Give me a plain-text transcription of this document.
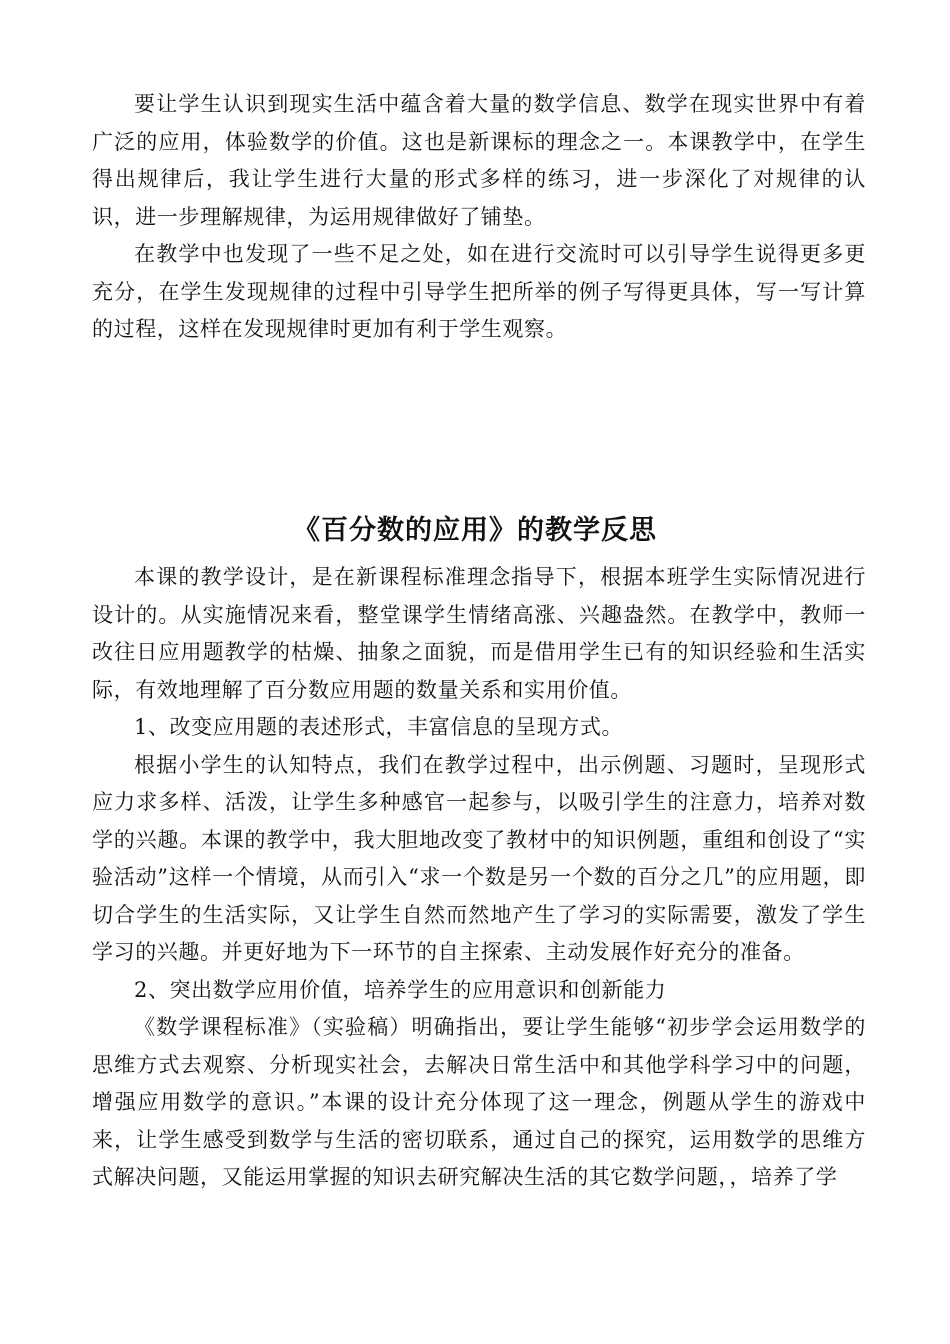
要让学生认识到现实生活中蕴含着大量的数学信息、数学在现实世界中有着广泛的应用，体验数学的价值。这也是新课标的理念之一。本课教学中，在学生得出规律后，我让学生进行大量的形式多样的练习，进一步深化了对规律的认识，进一步理解规律，为运用规律做好了铺垫。

在教学中也发现了一些不足之处，如在进行交流时可以引导学生说得更多更充分，在学生发现规律的过程中引导学生把所举的例子写得更具体，写一写计算的过程，这样在发现规律时更加有利于学生观察。

《百分数的应用》的教学反思

本课的教学设计，是在新课程标准理念指导下，根据本班学生实际情况进行设计的。从实施情况来看，整堂课学生情绪高涨、兴趣盎然。在教学中，教师一改往日应用题教学的枯燥、抽象之面貌，而是借用学生已有的知识经验和生活实际，有效地理解了百分数应用题的数量关系和实用价值。

1、改变应用题的表述形式，丰富信息的呈现方式。

根据小学生的认知特点，我们在教学过程中，出示例题、习题时，呈现形式应力求多样、活泼，让学生多种感官一起参与，以吸引学生的注意力，培养对数学的兴趣。本课的教学中，我大胆地改变了教材中的知识例题，重组和创设了“实验活动”这样一个情境，从而引入“求一个数是另一个数的百分之几”的应用题，即切合学生的生活实际，又让学生自然而然地产生了学习的实际需要，激发了学生学习的兴趣。并更好地为下一环节的自主探索、主动发展作好充分的准备。

2、突出数学应用价值，培养学生的应用意识和创新能力

《数学课程标准》（实验稿）明确指出，要让学生能够“初步学会运用数学的思维方式去观察、分析现实社会，去解决日常生活中和其他学科学习中的问题，增强应用数学的意识。”本课的设计充分体现了这一理念，例题从学生的游戏中来，让学生感受到数学与生活的密切联系，通过自己的探究，运用数学的思维方式解决问题，又能运用掌握的知识去研究解决生活的其它数学问题，，培养了学
